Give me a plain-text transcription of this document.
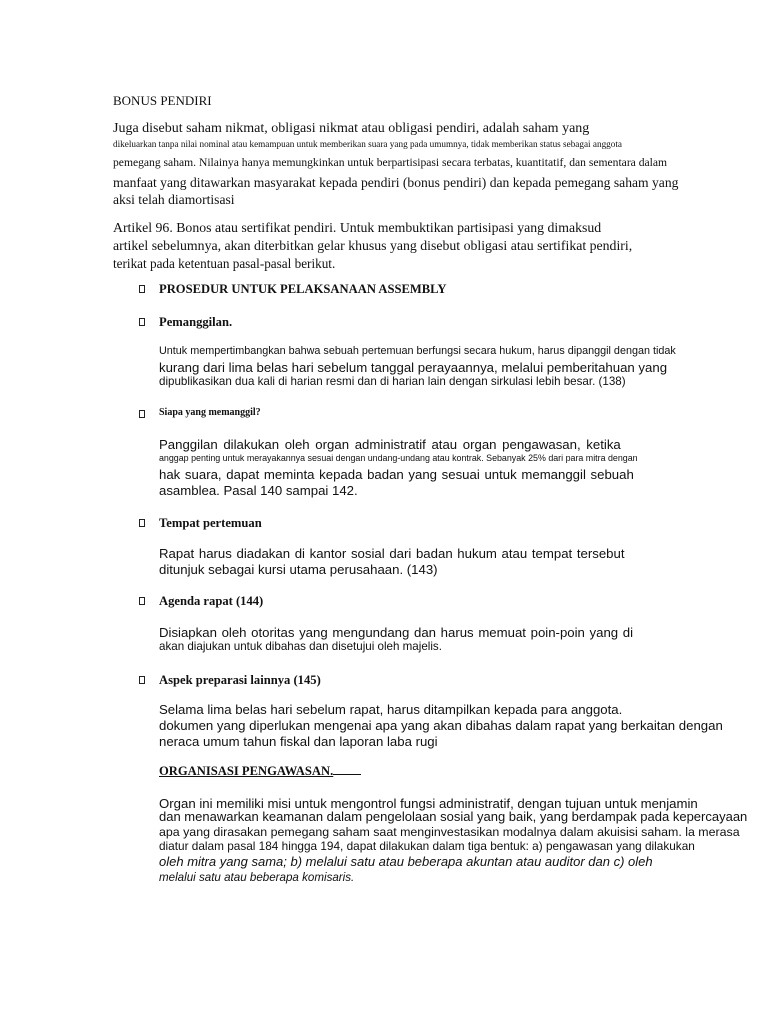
BONUS PENDIRI
Juga disebut saham nikmat, obligasi nikmat atau obligasi pendiri, adalah saham yang
dikeluarkan tanpa nilai nominal atau kemampuan untuk memberikan suara yang pada umumnya, tidak memberikan status sebagai anggota
pemegang saham. Nilainya hanya memungkinkan untuk berpartisipasi secara terbatas, kuantitatif, dan sementara dalam
manfaat yang ditawarkan masyarakat kepada pendiri (bonus pendiri) dan kepada pemegang saham yang
aksi telah diamortisasi
Artikel 96. Bonos atau sertifikat pendiri. Untuk membuktikan partisipasi yang dimaksud
artikel sebelumnya, akan diterbitkan gelar khusus yang disebut obligasi atau sertifikat pendiri,
terikat pada ketentuan pasal-pasal berikut.
PROSEDUR UNTUK PELAKSANAAN ASSEMBLY
Pemanggilan.
Untuk mempertimbangkan bahwa sebuah pertemuan berfungsi secara hukum, harus dipanggil dengan tidak
kurang dari lima belas hari sebelum tanggal perayaannya, melalui pemberitahuan yang
dipublikasikan dua kali di harian resmi dan di harian lain dengan sirkulasi lebih besar. (138)
Siapa yang memanggil?
Panggilan dilakukan oleh organ administratif atau organ pengawasan, ketika
anggap penting untuk merayakannya sesuai dengan undang-undang atau kontrak. Sebanyak 25% dari para mitra dengan
hak suara, dapat meminta kepada badan yang sesuai untuk memanggil sebuah
asamblea. Pasal 140 sampai 142.
Tempat pertemuan
Rapat harus diadakan di kantor sosial dari badan hukum atau tempat tersebut
ditunjuk sebagai kursi utama perusahaan. (143)
Agenda rapat (144)
Disiapkan oleh otoritas yang mengundang dan harus memuat poin-poin yang di
akan diajukan untuk dibahas dan disetujui oleh majelis.
Aspek preparasi lainnya (145)
Selama lima belas hari sebelum rapat, harus ditampilkan kepada para anggota.
dokumen yang diperlukan mengenai apa yang akan dibahas dalam rapat yang berkaitan dengan
neraca umum tahun fiskal dan laporan laba rugi
ORGANISASI PENGAWASAN.
Organ ini memiliki misi untuk mengontrol fungsi administratif, dengan tujuan untuk menjamin
dan menawarkan keamanan dalam pengelolaan sosial yang baik, yang berdampak pada kepercayaan
apa yang dirasakan pemegang saham saat menginvestasikan modalnya dalam akuisisi saham. la merasa
diatur dalam pasal 184 hingga 194, dapat dilakukan dalam tiga bentuk: a) pengawasan yang dilakukan
oleh mitra yang sama; b) melalui satu atau beberapa akuntan atau auditor dan c) oleh
melalui satu atau beberapa komisaris.
